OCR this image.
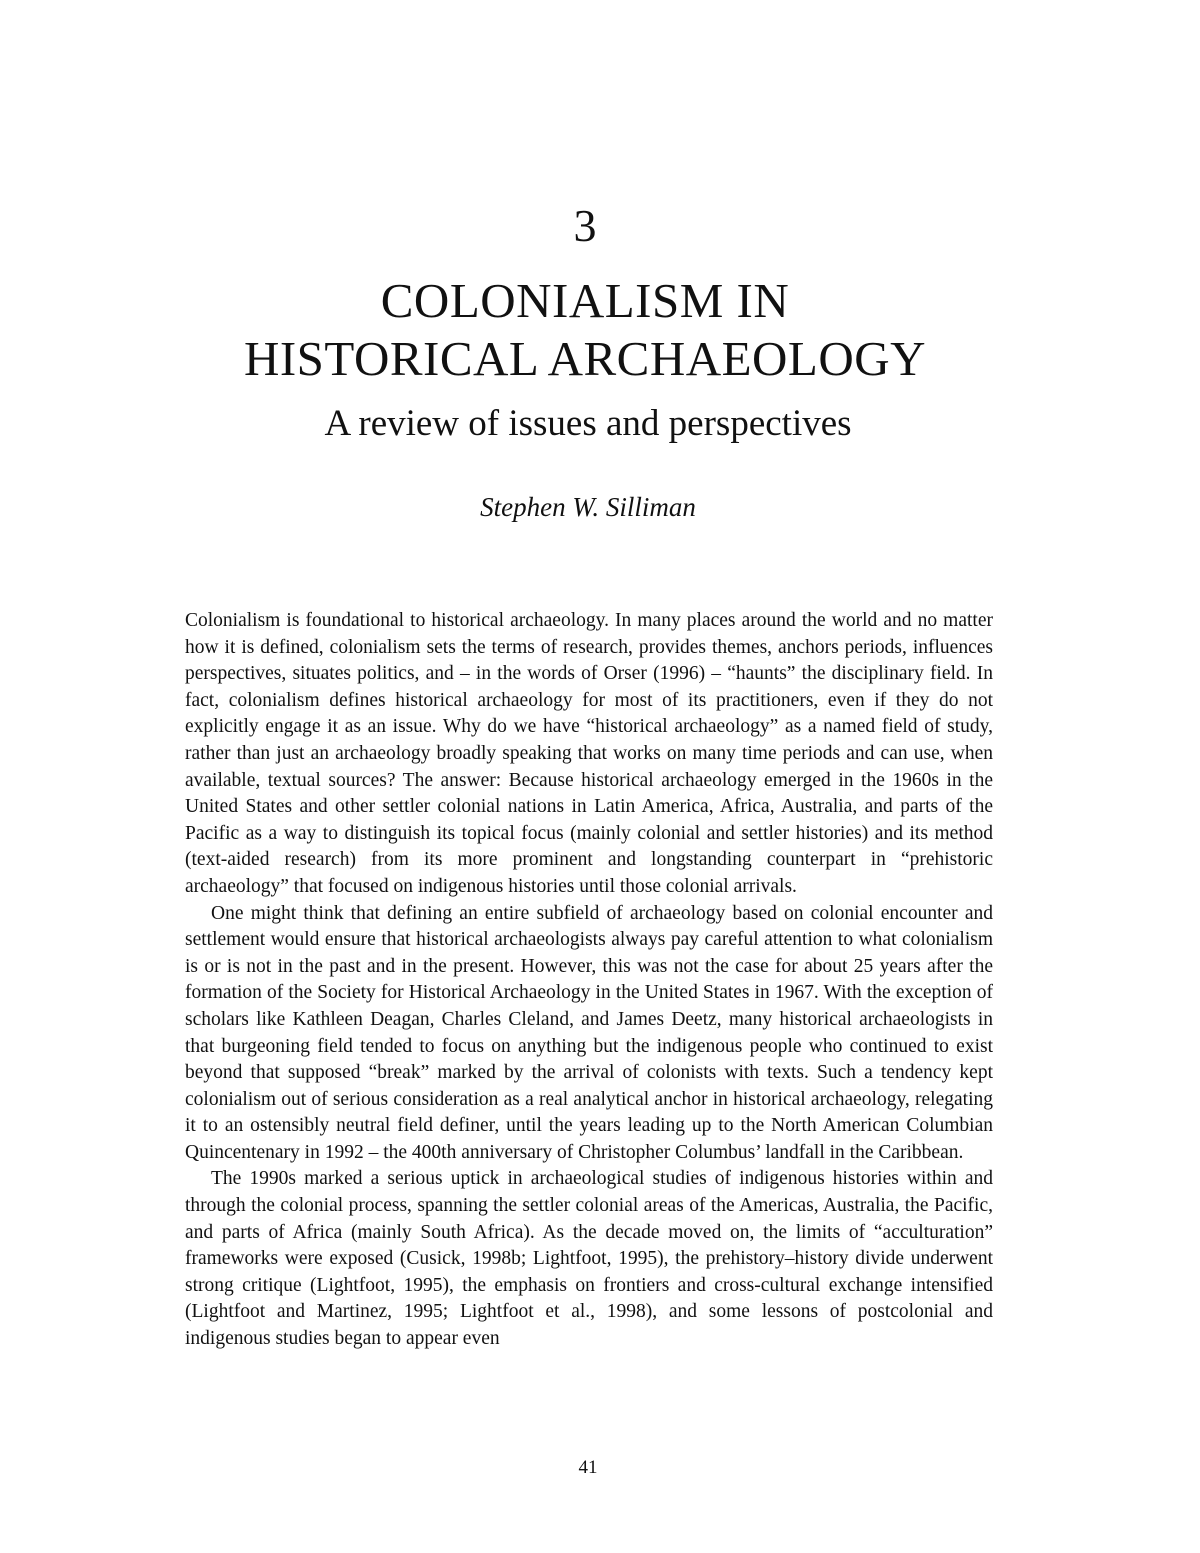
3
COLONIALISM IN
HISTORICAL ARCHAEOLOGY
A review of issues and perspectives
Stephen W. Silliman

Colonialism is foundational to historical archaeology. In many places around the world and no matter how it is defined, colonialism sets the terms of research, provides themes, anchors periods, influences perspectives, situates politics, and – in the words of Orser (1996) – “haunts” the disciplinary field. In fact, colonialism defines historical archaeology for most of its practitioners, even if they do not explicitly engage it as an issue. Why do we have “historical archaeology” as a named field of study, rather than just an archaeology broadly speaking that works on many time periods and can use, when available, textual sources? The answer: Because historical archaeology emerged in the 1960s in the United States and other settler colonial nations in Latin America, Africa, Australia, and parts of the Pacific as a way to distinguish its topical focus (mainly colonial and settler histories) and its method (text-aided research) from its more prominent and longstanding counterpart in “prehistoric archaeology” that focused on indigenous histories until those colonial arrivals.

One might think that defining an entire subfield of archaeology based on colonial encounter and settlement would ensure that historical archaeologists always pay careful attention to what colonialism is or is not in the past and in the present. However, this was not the case for about 25 years after the formation of the Society for Historical Archaeology in the United States in 1967. With the exception of scholars like Kathleen Deagan, Charles Cleland, and James Deetz, many historical archaeologists in that burgeoning field tended to focus on anything but the indigenous people who continued to exist beyond that supposed “break” marked by the arrival of colonists with texts. Such a tendency kept colonialism out of serious consideration as a real analytical anchor in historical archaeology, relegating it to an ostensibly neutral field definer, until the years leading up to the North American Columbian Quincentenary in 1992 – the 400th anniversary of Christopher Columbus’ landfall in the Caribbean.

The 1990s marked a serious uptick in archaeological studies of indigenous histories within and through the colonial process, spanning the settler colonial areas of the Americas, Australia, the Pacific, and parts of Africa (mainly South Africa). As the decade moved on, the limits of “acculturation” frameworks were exposed (Cusick, 1998b; Lightfoot, 1995), the prehistory–history divide underwent strong critique (Lightfoot, 1995), the emphasis on frontiers and cross-cultural exchange intensified (Lightfoot and Martinez, 1995; Lightfoot et al., 1998), and some lessons of postcolonial and indigenous studies began to appear even

41
